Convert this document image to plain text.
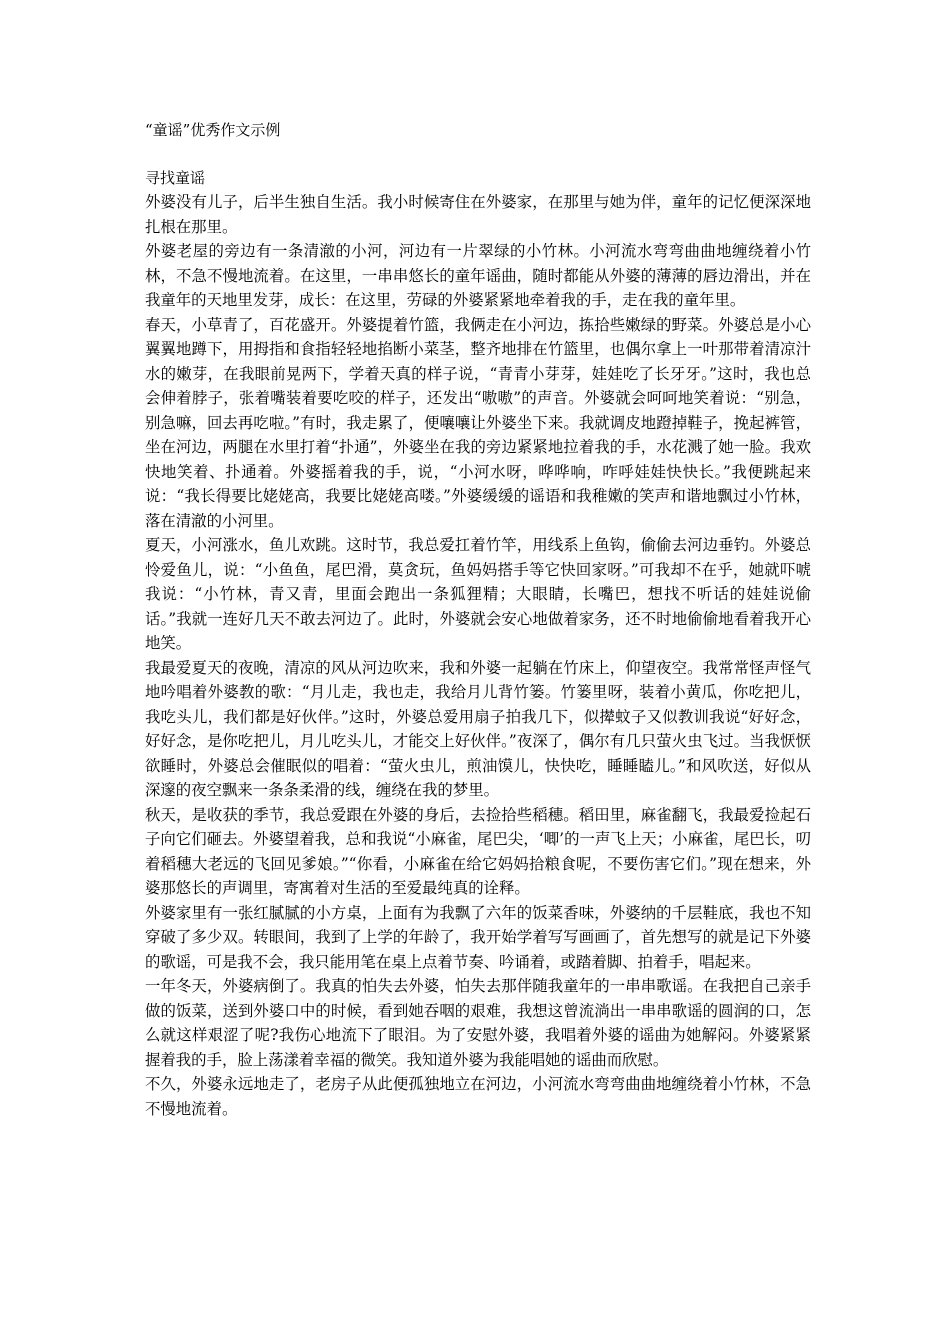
“童谣”优秀作文示例

寻找童谣

外婆没有儿子，后半生独自生活。我小时候寄住在外婆家，在那里与她为伴，童年的记忆便深深地扎根在那里。

外婆老屋的旁边有一条清澈的小河，河边有一片翠绿的小竹林。小河流水弯弯曲曲地缠绕着小竹林，不急不慢地流着。在这里，一串串悠长的童年谣曲，随时都能从外婆的薄薄的唇边滑出，并在我童年的天地里发芽，成长：在这里，劳碌的外婆紧紧地牵着我的手，走在我的童年里。

春天，小草青了，百花盛开。外婆提着竹篮，我俩走在小河边，拣拾些嫩绿的野菜。外婆总是小心翼翼地蹲下，用拇指和食指轻轻地掐断小菜茎，整齐地排在竹篮里，也偶尔拿上一叶那带着清凉汁水的嫩芽，在我眼前晃两下，学着天真的样子说，“青青小芽芽，娃娃吃了长牙牙。”这时，我也总会伸着脖子，张着嘴装着要吃咬的样子，还发出“嗷嗷”的声音。外婆就会呵呵地笑着说：“别急，别急嘛，回去再吃啦。”有时，我走累了，便嚷嚷让外婆坐下来。我就调皮地蹬掉鞋子，挽起裤管，坐在河边，两腿在水里打着“扑通”，外婆坐在我的旁边紧紧地拉着我的手，水花溅了她一脸。我欢快地笑着、扑通着。外婆摇着我的手，说，“小河水呀，哗哗响，咋呼娃娃快快长。”我便跳起来说：“我长得要比姥姥高，我要比姥姥高喽。”外婆缓缓的谣语和我稚嫩的笑声和谐地飘过小竹林，落在清澈的小河里。

夏天，小河涨水，鱼儿欢跳。这时节，我总爱扛着竹竿，用线系上鱼钩，偷偷去河边垂钓。外婆总怜爱鱼儿，说：“小鱼鱼，尾巴滑，莫贪玩，鱼妈妈搭手等它快回家呀。”可我却不在乎，她就吓唬我说：“小竹林，青又青，里面会跑出一条狐狸精；大眼睛，长嘴巴，想找不听话的娃娃说偷话。”我就一连好几天不敢去河边了。此时，外婆就会安心地做着家务，还不时地偷偷地看着我开心地笑。

我最爱夏天的夜晚，清凉的风从河边吹来，我和外婆一起躺在竹床上，仰望夜空。我常常怪声怪气地吟唱着外婆教的歌：“月儿走，我也走，我给月儿背竹篓。竹篓里呀，装着小黄瓜，你吃把儿，我吃头儿，我们都是好伙伴。”这时，外婆总爱用扇子拍我几下，似撵蚊子又似教训我说“好好念，好好念，是你吃把儿，月儿吃头儿，才能交上好伙伴。”夜深了，偶尔有几只萤火虫飞过。当我恹恹欲睡时，外婆总会催眠似的唱着：“萤火虫儿，煎油馍儿，快快吃，睡睡瞌儿。”和风吹送，好似从深邃的夜空飘来一条条柔滑的线，缠绕在我的梦里。

秋天，是收获的季节，我总爱跟在外婆的身后，去捡拾些稻穗。稻田里，麻雀翻飞，我最爱捡起石子向它们砸去。外婆望着我，总和我说“小麻雀，尾巴尖，‘唧’的一声飞上天；小麻雀，尾巴长，叨着稻穗大老远的飞回见爹娘。”“你看，小麻雀在给它妈妈拾粮食呢，不要伤害它们。”现在想来，外婆那悠长的声调里，寄寓着对生活的至爱最纯真的诠释。

外婆家里有一张红腻腻的小方桌，上面有为我飘了六年的饭菜香味，外婆纳的千层鞋底，我也不知穿破了多少双。转眼间，我到了上学的年龄了，我开始学着写写画画了，首先想写的就是记下外婆的歌谣，可是我不会，我只能用笔在桌上点着节奏、吟诵着，或踏着脚、拍着手，唱起来。

一年冬天，外婆病倒了。我真的怕失去外婆，怕失去那伴随我童年的一串串歌谣。在我把自己亲手做的饭菜，送到外婆口中的时候，看到她吞咽的艰难，我想这曾流淌出一串串歌谣的圆润的口，怎么就这样艰涩了呢?我伤心地流下了眼泪。为了安慰外婆，我唱着外婆的谣曲为她解闷。外婆紧紧握着我的手，脸上荡漾着幸福的微笑。我知道外婆为我能唱她的谣曲而欣慰。

不久，外婆永远地走了，老房子从此便孤独地立在河边，小河流水弯弯曲曲地缠绕着小竹林，不急不慢地流着。
